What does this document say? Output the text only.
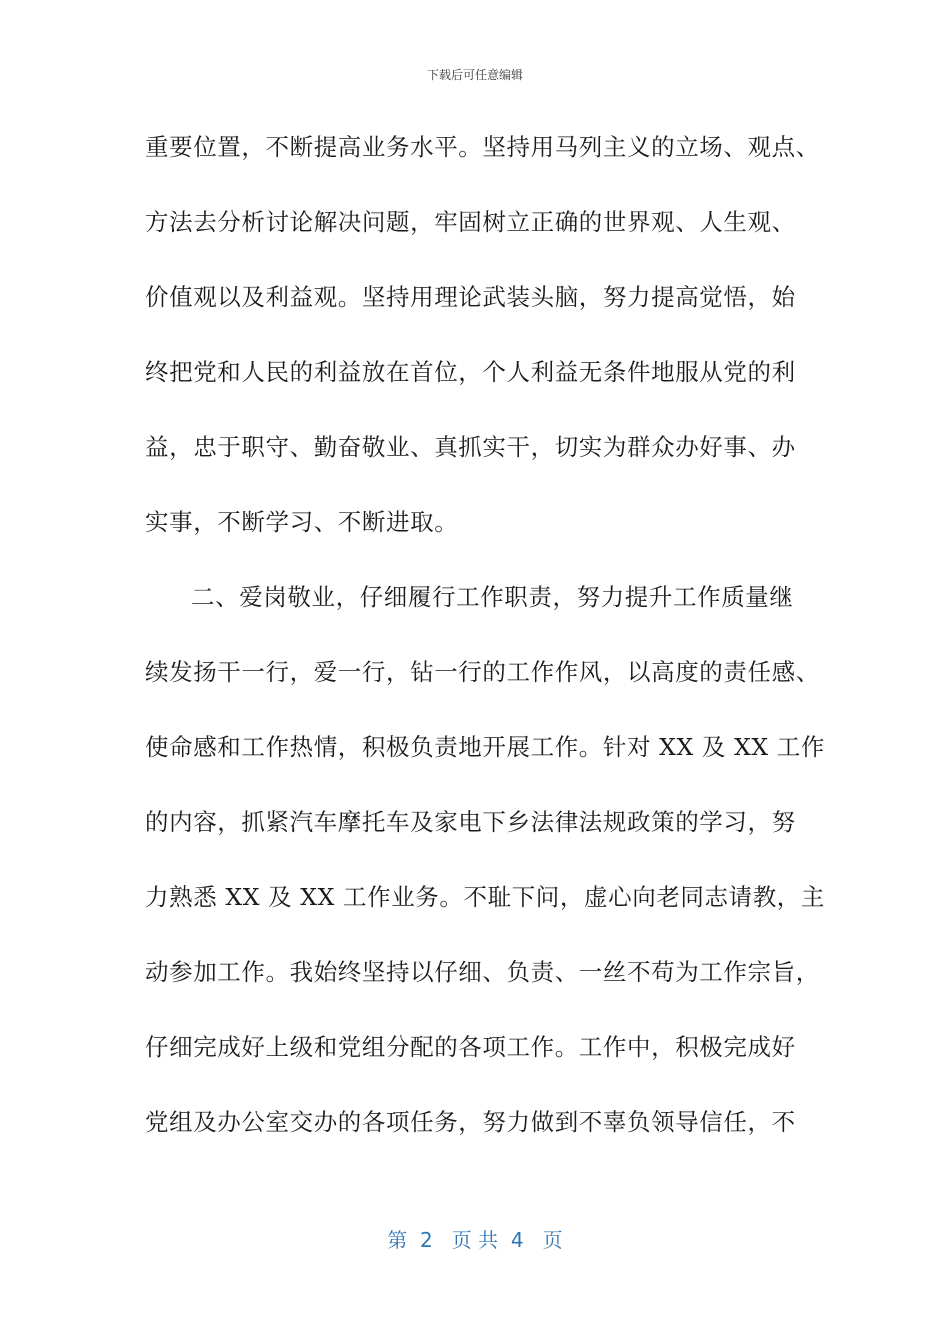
下载后可任意编辑
重要位置，不断提高业务水平。坚持用马列主义的立场、观点、
方法去分析讨论解决问题，牢固树立正确的世界观、人生观、
价值观以及利益观。坚持用理论武装头脑，努力提高觉悟，始
终把党和人民的利益放在首位，个人利益无条件地服从党的利
益，忠于职守、勤奋敬业、真抓实干，切实为群众办好事、办
实事，不断学习、不断进取。
二、爱岗敬业，仔细履行工作职责，努力提升工作质量继
续发扬干一行，爱一行，钻一行的工作作风，以高度的责任感、
使命感和工作热情，积极负责地开展工作。针对 XX 及 XX 工作
的内容，抓紧汽车摩托车及家电下乡法律法规政策的学习，努
力熟悉 XX 及 XX 工作业务。不耻下问，虚心向老同志请教，主
动参加工作。我始终坚持以仔细、负责、一丝不苟为工作宗旨，
仔细完成好上级和党组分配的各项工作。工作中，积极完成好
党组及办公室交办的各项任务，努力做到不辜负领导信任，不
第  2   页 共  4   页
